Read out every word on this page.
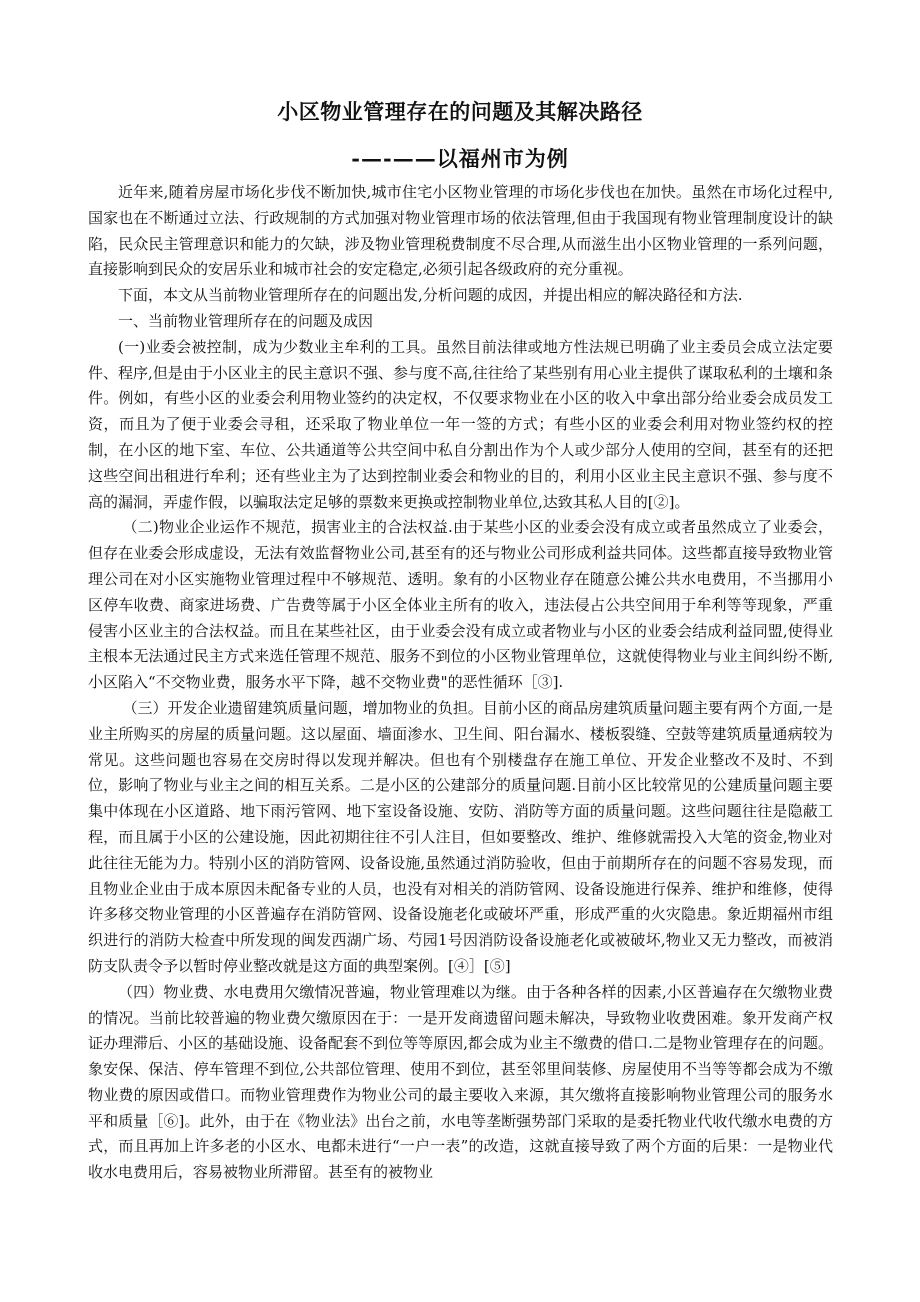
小区物业管理存在的问题及其解决路径
-—-——以福州市为例

近年来,随着房屋市场化步伐不断加快,城市住宅小区物业管理的市场化步伐也在加快。虽然在市场化过程中,国家也在不断通过立法、行政规制的方式加强对物业管理市场的依法管理,但由于我国现有物业管理制度设计的缺陷，民众民主管理意识和能力的欠缺，涉及物业管理税费制度不尽合理,从而滋生出小区物业管理的一系列问题，直接影响到民众的安居乐业和城市社会的安定稳定,必须引起各级政府的充分重视。

下面，本文从当前物业管理所存在的问题出发,分析问题的成因，并提出相应的解决路径和方法.

一、当前物业管理所存在的问题及成因

(一)业委会被控制，成为少数业主牟利的工具。虽然目前法律或地方性法规已明确了业主委员会成立法定要件、程序,但是由于小区业主的民主意识不强、参与度不高,往往给了某些别有用心业主提供了谋取私利的土壤和条件。例如，有些小区的业委会利用物业签约的决定权，不仅要求物业在小区的收入中拿出部分给业委会成员发工资，而且为了便于业委会寻租，还采取了物业单位一年一签的方式；有些小区的业委会利用对物业签约权的控制，在小区的地下室、车位、公共通道等公共空间中私自分割出作为个人或少部分人使用的空间，甚至有的还把这些空间出租进行牟利；还有些业主为了达到控制业委会和物业的目的，利用小区业主民主意识不强、参与度不高的漏洞，弄虚作假，以骗取法定足够的票数来更换或控制物业单位,达致其私人目的[②]。

（二)物业企业运作不规范，损害业主的合法权益.由于某些小区的业委会没有成立或者虽然成立了业委会，但存在业委会形成虚设，无法有效监督物业公司,甚至有的还与物业公司形成利益共同体。这些都直接导致物业管理公司在对小区实施物业管理过程中不够规范、透明。象有的小区物业存在随意公摊公共水电费用，不当挪用小区停车收费、商家进场费、广告费等属于小区全体业主所有的收入，违法侵占公共空间用于牟利等等现象，严重侵害小区业主的合法权益。而且在某些社区，由于业委会没有成立或者物业与小区的业委会结成利益同盟,使得业主根本无法通过民主方式来选任管理不规范、服务不到位的小区物业管理单位，这就使得物业与业主间纠纷不断,小区陷入“不交物业费，服务水平下降，越不交物业费"的恶性循环［③].

（三）开发企业遗留建筑质量问题，增加物业的负担。目前小区的商品房建筑质量问题主要有两个方面,一是业主所购买的房屋的质量问题。这以屋面、墙面渗水、卫生间、阳台漏水、楼板裂缝、空鼓等建筑质量通病较为常见。这些问题也容易在交房时得以发现并解决。但也有个别楼盘存在施工单位、开发企业整改不及时、不到位，影响了物业与业主之间的相互关系。二是小区的公建部分的质量问题.目前小区比较常见的公建质量问题主要集中体现在小区道路、地下雨污管网、地下室设备设施、安防、消防等方面的质量问题。这些问题往往是隐蔽工程，而且属于小区的公建设施，因此初期往往不引人注目，但如要整改、维护、维修就需投入大笔的资金,物业对此往往无能为力。特别小区的消防管网、设备设施,虽然通过消防验收，但由于前期所存在的问题不容易发现，而且物业企业由于成本原因未配备专业的人员，也没有对相关的消防管网、设备设施进行保养、维护和维修，使得许多移交物业管理的小区普遍存在消防管网、设备设施老化或破坏严重，形成严重的火灾隐患。象近期福州市组织进行的消防大检查中所发现的闽发西湖广场、芍园1号因消防设备设施老化或被破坏,物业又无力整改，而被消防支队责令予以暂时停业整改就是这方面的典型案例。[④］[⑤]

（四）物业费、水电费用欠缴情况普遍，物业管理难以为继。由于各种各样的因素,小区普遍存在欠缴物业费的情况。当前比较普遍的物业费欠缴原因在于：一是开发商遗留问题未解决，导致物业收费困难。象开发商产权证办理滞后、小区的基础设施、设备配套不到位等等原因,都会成为业主不缴费的借口.二是物业管理存在的问题。象安保、保洁、停车管理不到位,公共部位管理、使用不到位，甚至邻里间装修、房屋使用不当等等都会成为不缴物业费的原因或借口。而物业管理费作为物业公司的最主要收入来源，其欠缴将直接影响物业管理公司的服务水平和质量［⑥]。此外，由于在《物业法》出台之前，水电等垄断强势部门采取的是委托物业代收代缴水电费的方式，而且再加上许多老的小区水、电都未进行“一户一表”的改造，这就直接导致了两个方面的后果：一是物业代收水电费用后，容易被物业所滞留。甚至有的被物业
